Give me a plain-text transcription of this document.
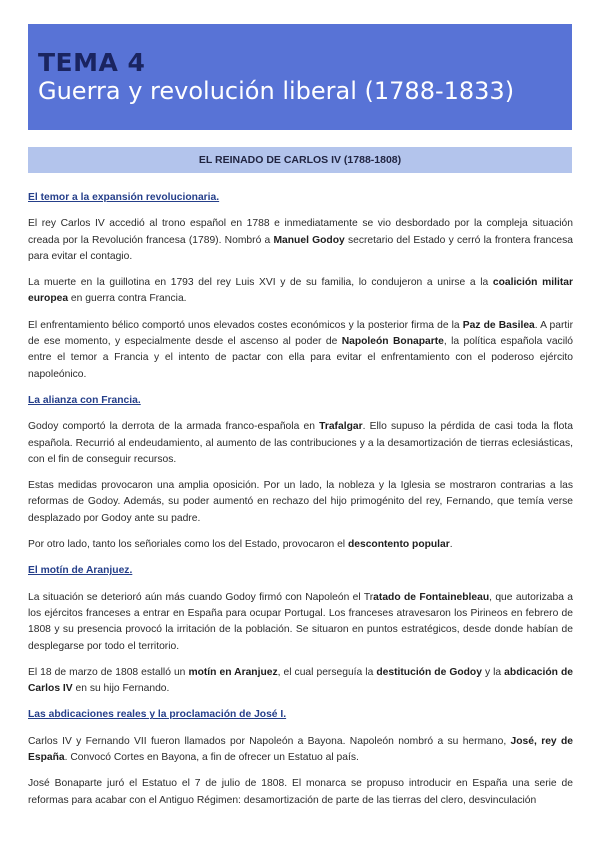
TEMA 4
Guerra y revolución liberal (1788-1833)
EL REINADO DE CARLOS IV (1788-1808)
El temor a la expansión revolucionaria.

El rey Carlos IV accedió al trono español en 1788 e inmediatamente se vio desbordado por la compleja situación creada por la Revolución francesa (1789). Nombró a Manuel Godoy secretario del Estado y cerró la frontera francesa para evitar el contagio.

La muerte en la guillotina en 1793 del rey Luis XVI y de su familia, lo condujeron a unirse a la coalición militar europea en guerra contra Francia.

El enfrentamiento bélico comportó unos elevados costes económicos y la posterior firma de la Paz de Basilea. A partir de ese momento, y especialmente desde el ascenso al poder de Napoleón Bonaparte, la política española vaciló entre el temor a Francia y el intento de pactar con ella para evitar el enfrentamiento con el poderoso ejército napoleónico.

La alianza con Francia.

Godoy comportó la derrota de la armada franco-española en Trafalgar. Ello supuso la pérdida de casi toda la flota española. Recurrió al endeudamiento, al aumento de las contribuciones y a la desamortización de tierras eclesiásticas, con el fin de conseguir recursos.

Estas medidas provocaron una amplia oposición. Por un lado, la nobleza y la Iglesia se mostraron contrarias a las reformas de Godoy. Además, su poder aumentó en rechazo del hijo primogénito del rey, Fernando, que temía verse desplazado por Godoy ante su padre.

Por otro lado, tanto los señoriales como los del Estado, provocaron el descontento popular.

El motín de Aranjuez.

La situación se deterioró aún más cuando Godoy firmó con Napoleón el Tratado de Fontainebleau, que autorizaba a los ejércitos franceses a entrar en España para ocupar Portugal. Los franceses atravesaron los Pirineos en febrero de 1808 y su presencia provocó la irritación de la población. Se situaron en puntos estratégicos, desde donde habían de desplegarse por todo el territorio.

El 18 de marzo de 1808 estalló un motín en Aranjuez, el cual perseguía la destitución de Godoy y la abdicación de Carlos IV en su hijo Fernando.

Las abdicaciones reales y la proclamación de José I.

Carlos IV y Fernando VII fueron llamados por Napoleón a Bayona. Napoleón nombró a su hermano, José, rey de España. Convocó Cortes en Bayona, a fin de ofrecer un Estatuo al país.

José Bonaparte juró el Estatuo el 7 de julio de 1808. El monarca se propuso introducir en España una serie de reformas para acabar con el Antiguo Régimen: desamortización de parte de las tierras del clero, desvinculación
